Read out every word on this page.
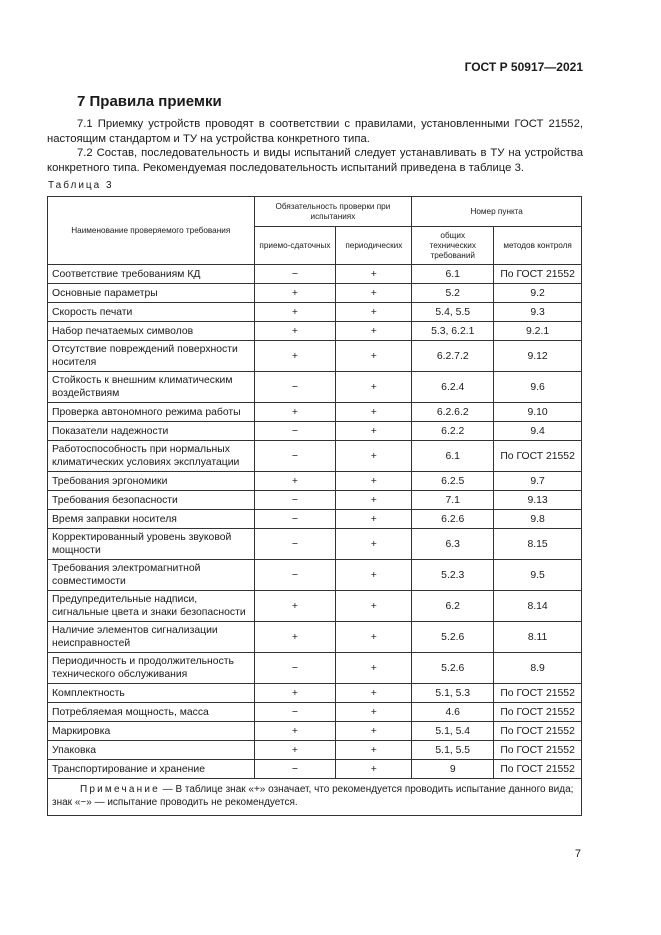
ГОСТ Р 50917—2021
7 Правила приемки
7.1 Приемку устройств проводят в соответствии с правилами, установленными ГОСТ 21552, настоящим стандартом и ТУ на устройства конкретного типа.
7.2 Состав, последовательность и виды испытаний следует устанавливать в ТУ на устройства конкретного типа. Рекомендуемая последовательность испытаний приведена в таблице 3.
Таблица 3
Наименование проверяемого требования	Обязательность проверки при испытаниях		Номер пункта	
	приемо-сдаточных	периодических	общих технических требований	методов контроля
Соответствие требованиям КД	−	+	6.1	По ГОСТ 21552
Основные параметры	+	+	5.2	9.2
Скорость печати	+	+	5.4, 5.5	9.3
Набор печатаемых символов	+	+	5.3, 6.2.1	9.2.1
Отсутствие повреждений поверхности носителя	+	+	6.2.7.2	9.12
Стойкость к внешним климатическим воздействиям	−	+	6.2.4	9.6
Проверка автономного режима работы	+	+	6.2.6.2	9.10
Показатели надежности	−	+	6.2.2	9.4
Работоспособность при нормальных климатических условиях эксплуатации	−	+	6.1	По ГОСТ 21552
Требования эргономики	+	+	6.2.5	9.7
Требования безопасности	−	+	7.1	9.13
Время заправки носителя	−	+	6.2.6	9.8
Корректированный уровень звуковой мощности	−	+	6.3	8.15
Требования электромагнитной совместимости	−	+	5.2.3	9.5
Предупредительные надписи, сигнальные цвета и знаки безопасности	+	+	6.2	8.14
Наличие элементов сигнализации неисправностей	+	+	5.2.6	8.11
Периодичность и продолжительность технического обслуживания	−	+	5.2.6	8.9
Комплектность	+	+	5.1, 5.3	По ГОСТ 21552
Потребляемая мощность, масса	−	+	4.6	По ГОСТ 21552
Маркировка	+	+	5.1, 5.4	По ГОСТ 21552
Упаковка	+	+	5.1, 5.5	По ГОСТ 21552
Транспортирование и хранение	−	+	9	По ГОСТ 21552
Примечание — В таблице знак «+» означает, что рекомендуется проводить испытание данного вида; знак «−» — испытание проводить не рекомендуется.				
7
